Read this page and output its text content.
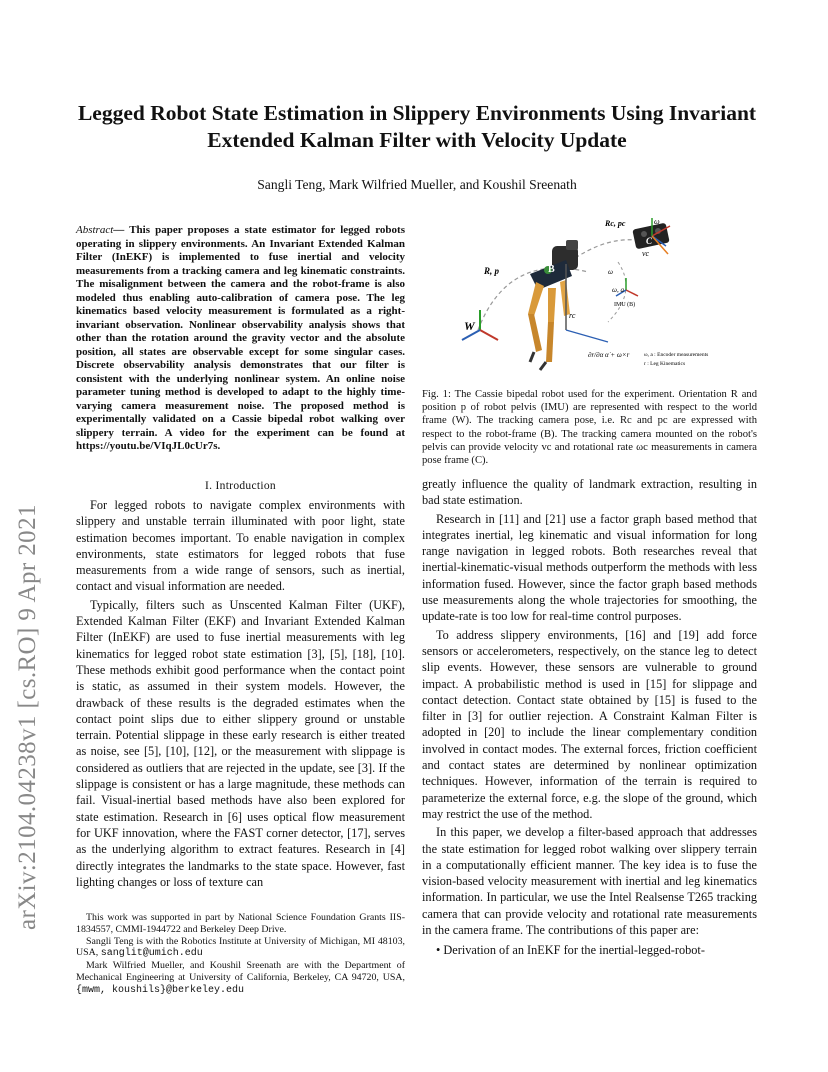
Legged Robot State Estimation in Slippery Environments Using Invariant Extended Kalman Filter with Velocity Update
Sangli Teng, Mark Wilfried Mueller, and Koushil Sreenath
arXiv:2104.04238v1 [cs.RO] 9 Apr 2021
Abstract— This paper proposes a state estimator for legged robots operating in slippery environments. An Invariant Extended Kalman Filter (InEKF) is implemented to fuse inertial and velocity measurements from a tracking camera and leg kinematic constraints. The misalignment between the camera and the robot-frame is also modeled thus enabling auto-calibration of camera pose. The leg kinematics based velocity measurement is formulated as a right-invariant observation. Nonlinear observability analysis shows that other than the rotation around the gravity vector and the absolute position, all states are observable except for some singular cases. Discrete observability analysis demonstrates that our filter is consistent with the underlying nonlinear system. An online noise parameter tuning method is developed to adapt to the highly time-varying camera measurement noise. The proposed method is experimentally validated on a Cassie bipedal robot walking over slippery terrain. A video for the experiment can be found at https://youtu.be/VIqJL0cUr7s.
I. Introduction

For legged robots to navigate complex environments with slippery and unstable terrain illuminated with poor light, state estimation becomes important. To enable navigation in complex environments, state estimators for legged robots that fuse measurements from a wide range of sensors, such as inertial, contact and visual information are needed.

Typically, filters such as Unscented Kalman Filter (UKF), Extended Kalman Filter (EKF) and Invariant Extended Kalman Filter (InEKF) are used to fuse inertial measurements with leg kinematics for legged robot state estimation [3], [5], [18], [10]. These methods exhibit good performance when the contact point is static, as assumed in their system models. However, the drawback of these results is the degraded estimates when the contact point slips due to either slippery ground or unstable terrain. Potential slippage in these early research is either treated as noise, see [5], [10], [12], or the measurement with slippage is considered as outliers that are rejected in the update, see [3]. If the slippage is consistent or has a large magnitude, these methods can fail. Visual-inertial based methods have also been explored for state estimation. Research in [6] uses optical flow measurement for UKF innovation, where the FAST corner detector, [17], serves as the underlying algorithm to extract features. Research in [4] directly integrates the landmarks to the state space. However, fast lighting changes or loss of texture can

This work was supported in part by National Science Foundation Grants IIS-1834557, CMMI-1944722 and Berkeley Deep Drive.

Sangli Teng is with the Robotics Institute at University of Michigan, MI 48103, USA, sanglit@umich.edu

Mark Wilfried Mueller, and Koushil Sreenath are with the Department of Mechanical Engineering at University of California, Berkeley, CA 94720, USA, {mwm, koushils}@berkeley.edu

W
R, p	B
rc
Rc, pc	ω
vc
C
ω
ω, a
IMU (B)
∂r/∂α α̇ + ω×r	ω, a : Encoder measurements
r : Leg Kinematics
Fig. 1: The Cassie bipedal robot used for the experiment. Orientation R and position p of robot pelvis (IMU) are represented with respect to the world frame (W). The tracking camera pose, i.e. Rc and pc are expressed with respect to the robot-frame (B). The tracking camera mounted on the robot's pelvis can provide velocity vc and rotational rate ωc measurements in camera pose frame (C).

greatly influence the quality of landmark extraction, resulting in bad state estimation.

Research in [11] and [21] use a factor graph based method that integrates inertial, leg kinematic and visual information for long range navigation in legged robots. Both researches reveal that inertial-kinematic-visual methods outperform the methods with less information fused. However, since the factor graph based methods use measurements along the whole trajectories for smoothing, the update-rate is too low for real-time control purposes.

To address slippery environments, [16] and [19] add force sensors or accelerometers, respectively, on the stance leg to detect slip events. However, these sensors are vulnerable to ground impact. A probabilistic method is used in [15] for slippage and contact detection. Contact state obtained by [15] is fused to the filter in [3] for outlier rejection. A Constraint Kalman Filter is adopted in [20] to include the linear complementary condition involved in contact modes. The external forces, friction coefficient and contact states are determined by nonlinear optimization techniques. However, information of the terrain is required to parameterize the external force, e.g. the slope of the ground, which may restrict the use of the method.

In this paper, we develop a filter-based approach that addresses the state estimation for legged robot walking over slippery terrain in a computationally efficient manner. The key idea is to fuse the vision-based velocity measurement with inertial and leg kinematics information. In particular, we use the Intel Realsense T265 tracking camera that can provide velocity and rotational rate measurements in the camera frame. The contributions of this paper are:

• Derivation of an InEKF for the inertial-legged-robot-
